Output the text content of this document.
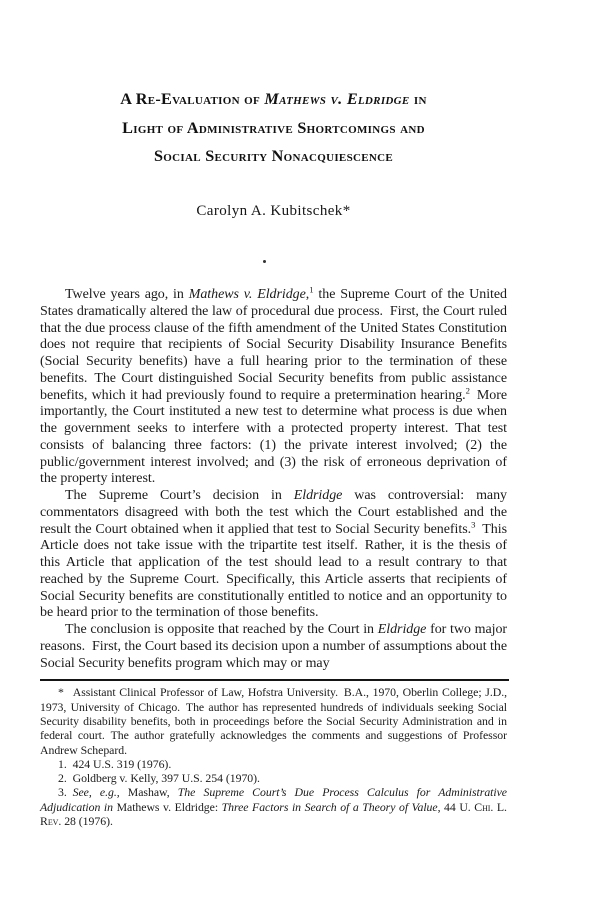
A Re-Evaluation of Mathews v. Eldridge in
Light of Administrative Shortcomings and
Social Security Nonacquiescence
Carolyn A. Kubitschek*

Twelve years ago, in Mathews v. Eldridge,$^1$ the Supreme Court of the United States dramatically altered the law of procedural due process. First, the Court ruled that the due process clause of the fifth amendment of the United States Constitution does not require that recipients of Social Security Disability Insurance Benefits (Social Security benefits) have a full hearing prior to the termination of these benefits. The Court distinguished Social Security benefits from public assistance benefits, which it had previously found to require a pretermination hearing.$^2$ More importantly, the Court instituted a new test to determine what process is due when the government seeks to interfere with a protected property interest. That test consists of balancing three factors: (1) the private interest involved; (2) the public/government interest involved; and (3) the risk of erroneous deprivation of the property interest.

The Supreme Court’s decision in Eldridge was controversial: many commentators disagreed with both the test which the Court established and the result the Court obtained when it applied that test to Social Security benefits.$^3$ This Article does not take issue with the tripartite test itself. Rather, it is the thesis of this Article that application of the test should lead to a result contrary to that reached by the Supreme Court. Specifically, this Article asserts that recipients of Social Security benefits are constitutionally entitled to notice and an opportunity to be heard prior to the termination of those benefits.

The conclusion is opposite that reached by the Court in Eldridge for two major reasons. First, the Court based its decision upon a number of assumptions about the Social Security benefits program which may or may

*  Assistant Clinical Professor of Law, Hofstra University. B.A., 1970, Oberlin College; J.D., 1973, University of Chicago. The author has represented hundreds of individuals seeking Social Security disability benefits, both in proceedings before the Social Security Administration and in federal court. The author gratefully acknowledges the comments and suggestions of Professor Andrew Schepard.

1. 424 U.S. 319 (1976).

2. Goldberg v. Kelly, 397 U.S. 254 (1970).

3. See, e.g., Mashaw, The Supreme Court’s Due Process Calculus for Administrative Adjudication in Mathews v. Eldridge: Three Factors in Search of a Theory of Value, 44 U. Chi. L. Rev. 28 (1976).
